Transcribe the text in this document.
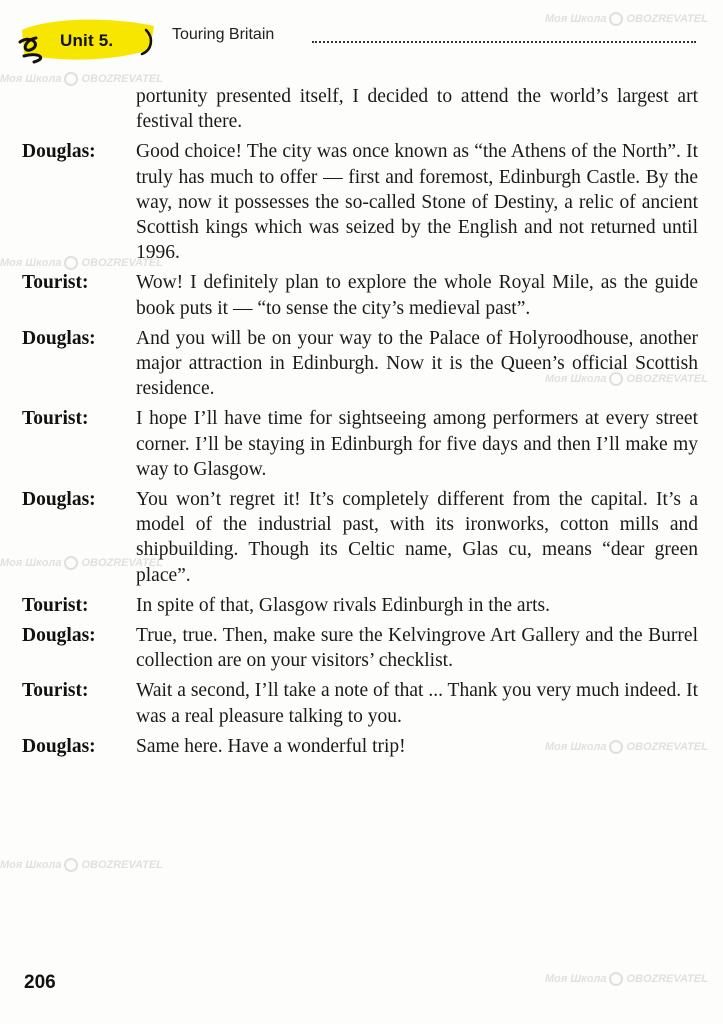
Unit 5.	Touring Britain
portunity presented itself, I decided to attend the world’s largest art festival there.
Douglas:	Good choice! The city was once known as “the Athens of the North”. It truly has much to offer — first and foremost, Edinburgh Castle. By the way, now it possesses the so-called Stone of Destiny, a relic of ancient Scottish kings which was seized by the English and not returned until 1996.
Tourist:	Wow! I definitely plan to explore the whole Royal Mile, as the guide book puts it — “to sense the city’s medieval past”.
Douglas:	And you will be on your way to the Palace of Holyroodhouse, another major attraction in Edinburgh. Now it is the Queen’s official Scottish residence.
Tourist:	I hope I’ll have time for sightseeing among performers at every street corner. I’ll be staying in Edinburgh for five days and then I’ll make my way to Glasgow.
Douglas:	You won’t regret it! It’s completely different from the capital. It’s a model of the industrial past, with its ironworks, cotton mills and shipbuilding. Though its Celtic name, Glas cu, means “dear green place”.
Tourist:	In spite of that, Glasgow rivals Edinburgh in the arts.
Douglas:	True, true. Then, make sure the Kelvingrove Art Gallery and the Burrel collection are on your visitors’ checklist.
Tourist:	Wait a second, I’ll take a note of that ... Thank you very much indeed. It was a real pleasure talking to you.
Douglas:	Same here. Have a wonderful trip!
206
Моя Школа OBOZREVATEL
Моя Школа OBOZREVATEL
Моя Школа OBOZREVATEL
Моя Школа OBOZREVATEL
Моя Школа OBOZREVATEL
Моя Школа OBOZREVATEL
Моя Школа OBOZREVATEL
Моя Школа OBOZREVATEL
